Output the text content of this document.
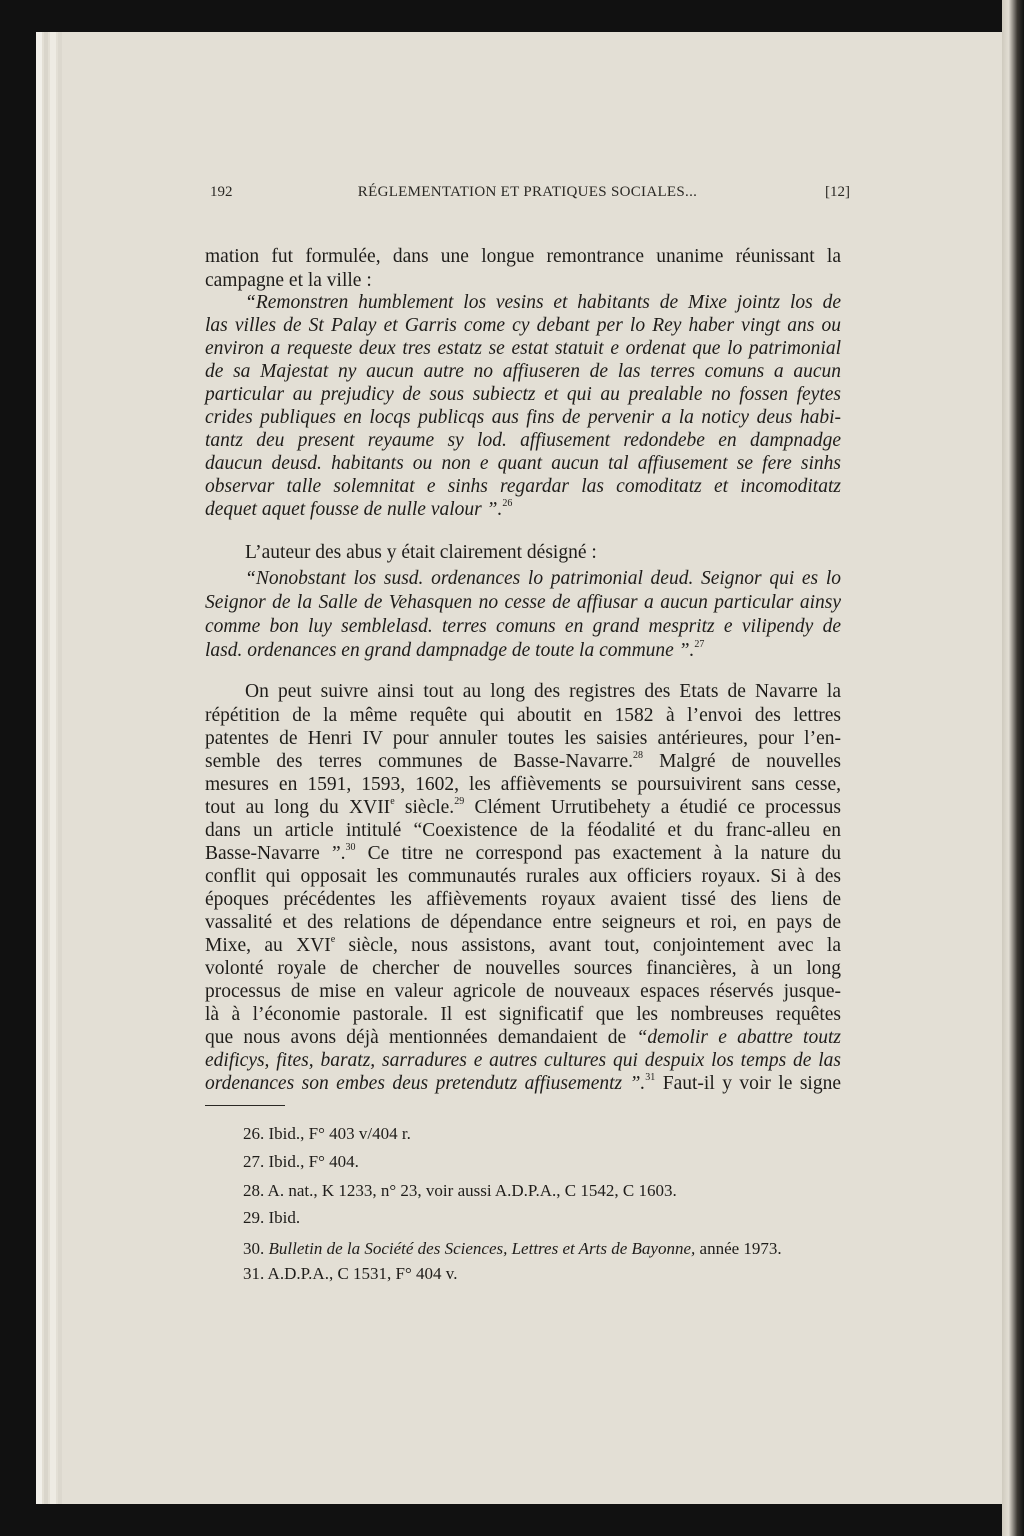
192	RÉGLEMENTATION ET PRATIQUES SOCIALES...	[12]
mation fut formulée, dans une longue remontrance unanime réunissant la
campagne et la ville :
“Remonstren humblement los vesins et habitants de Mixe jointz los de
las villes de St Palay et Garris come cy debant per lo Rey haber vingt ans ou
environ a requeste deux tres estatz se estat statuit e ordenat que lo patrimonial
de sa Majestat ny aucun autre no affiuseren de las terres comuns a aucun
particular au prejudicy de sous subiectz et qui au prealable no fossen feytes
crides publiques en locqs publicqs aus fins de pervenir a la noticy deus habi-
tantz deu present reyaume sy lod. affiusement redondebe en dampnadge
daucun deusd. habitants ou non e quant aucun tal affiusement se fere sinhs
observar talle solemnitat e sinhs regardar las comoditatz et incomoditatz
dequet aquet fousse de nulle valour ”.$^{26}$
L’auteur des abus y était clairement désigné :
“Nonobstant los susd. ordenances lo patrimonial deud. Seignor qui es lo
Seignor de la Salle de Vehasquen no cesse de affiusar a aucun particular ainsy
comme bon luy semblelasd. terres comuns en grand mespritz e vilipendy de
lasd. ordenances en grand dampnadge de toute la commune ”.$^{27}$
On peut suivre ainsi tout au long des registres des Etats de Navarre la
répétition de la même requête qui aboutit en 1582 à l’envoi des lettres
patentes de Henri IV pour annuler toutes les saisies antérieures, pour l’en-
semble des terres communes de Basse-Navarre.$^{28}$ Malgré de nouvelles
mesures en 1591, 1593, 1602, les affièvements se poursuivirent sans cesse,
tout au long du XVIIe siècle.$^{29}$ Clément Urrutibehety a étudié ce processus
dans un article intitulé “Coexistence de la féodalité et du franc-alleu en
Basse-Navarre ”.$^{30}$ Ce titre ne correspond pas exactement à la nature du
conflit qui opposait les communautés rurales aux officiers royaux. Si à des
époques précédentes les affièvements royaux avaient tissé des liens de
vassalité et des relations de dépendance entre seigneurs et roi, en pays de
Mixe, au XVIe siècle, nous assistons, avant tout, conjointement avec la
volonté royale de chercher de nouvelles sources financières, à un long
processus de mise en valeur agricole de nouveaux espaces réservés jusque-
là à l’économie pastorale. Il est significatif que les nombreuses requêtes
que nous avons déjà mentionnées demandaient de “demolir e abattre toutz
edificys, fites, baratz, sarradures e autres cultures qui despuix los temps de las
ordenances son embes deus pretendutz affiusementz ”.$^{31}$ Faut-il y voir le signe
26. Ibid., F° 403 v/404 r.
27. Ibid., F° 404.
28. A. nat., K 1233, n° 23, voir aussi A.D.P.A., C 1542, C 1603.
29. Ibid.
30. Bulletin de la Société des Sciences, Lettres et Arts de Bayonne, année 1973.
31. A.D.P.A., C 1531, F° 404 v.
